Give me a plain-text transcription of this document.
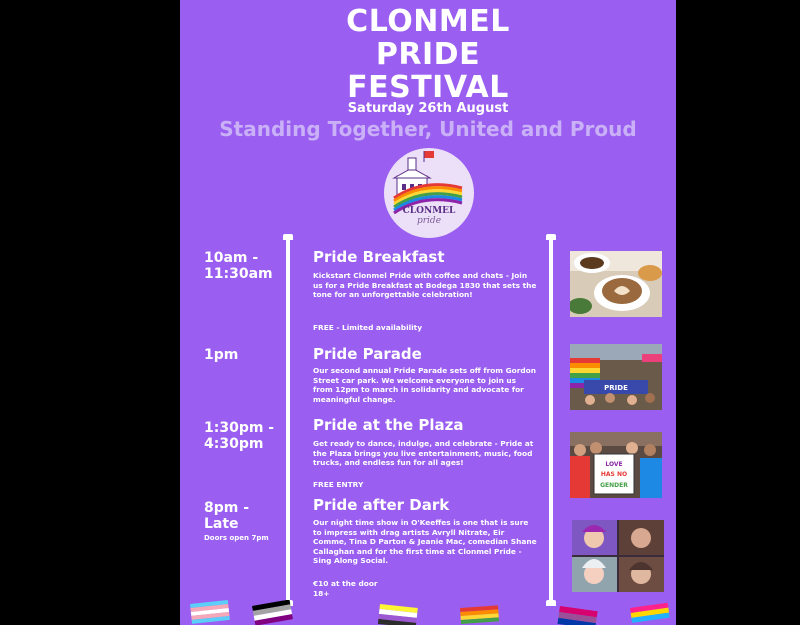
CLONMEL
PRIDE
FESTIVAL
Saturday 26th August
Standing Together, United and Proud
CLONMEL
pride
10am -
11:30am
Pride Breakfast
Kickstart Clonmel Pride with coffee and chats - Join us for a Pride Breakfast at Bodega 1830 that sets the tone for an unforgettable celebration!
FREE - Limited availability
1pm	Pride Parade
Our second annual Pride Parade sets off from Gordon Street car park. We welcome everyone to join us from 12pm to march in solidarity and advocate for meaningful change.
1:30pm -
4:30pm
Pride at the Plaza
Get ready to dance, indulge, and celebrate - Pride at the Plaza brings you live entertainment, music, food trucks, and endless fun for all ages!
FREE ENTRY
8pm -
Late
Doors open 7pm
Pride after Dark
Our night time show in O'Keeffes is one that is sure to impress with drag artists Avryll Nitrate, Eir Comme, Tina D Parton & Jeanie Mac, comedian Shane Callaghan and for the first time at Clonmel Pride - Sing Along Social.
€10 at the door
18+
PRIDE
LOVE
HAS NO
GENDER
